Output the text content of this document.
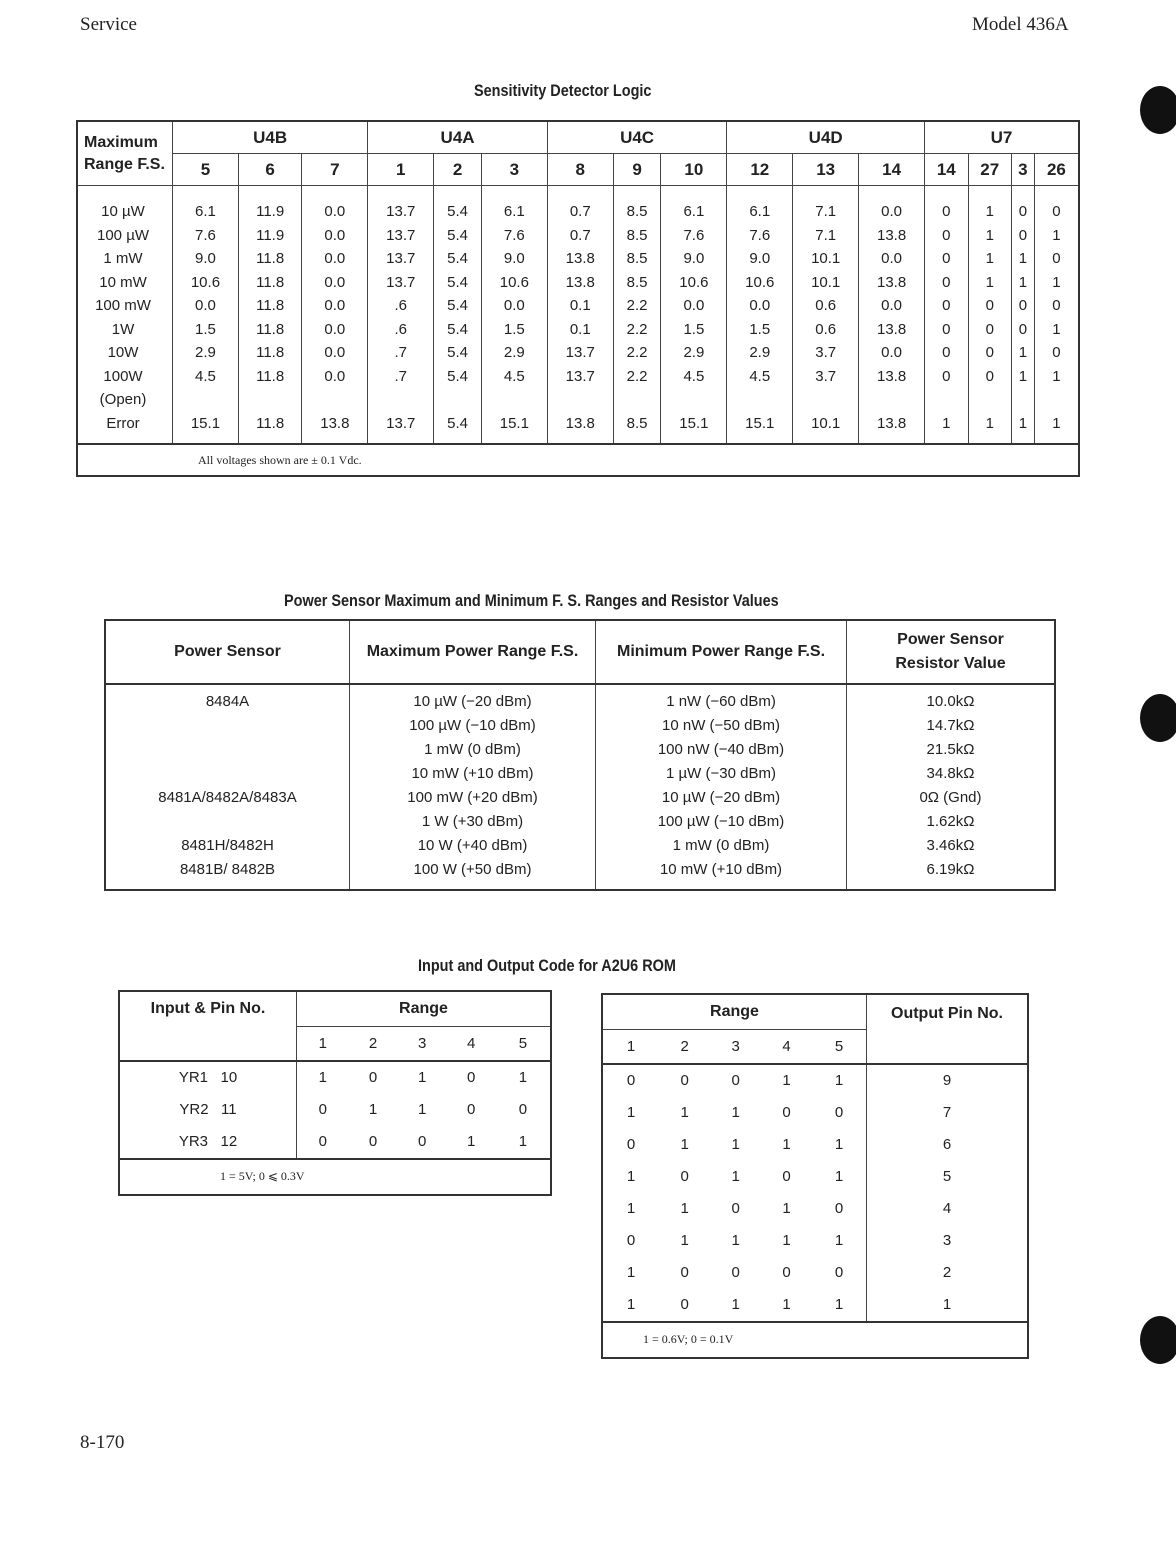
Service	Model 436A
Sensitivity Detector Logic
Maximum
Range F.S.	U4B			U4A			U4C			U4D			U7			
	5	6	7	1	2	3	8	9	10	12	13	14	14	27	3	26
10 µW	6.1	11.9	0.0	13.7	5.4	6.1	0.7	8.5	6.1	6.1	7.1	0.0	0	1	0	0
100 µW	7.6	11.9	0.0	13.7	5.4	7.6	0.7	8.5	7.6	7.6	7.1	13.8	0	1	0	1
1 mW	9.0	11.8	0.0	13.7	5.4	9.0	13.8	8.5	9.0	9.0	10.1	0.0	0	1	1	0
10 mW	10.6	11.8	0.0	13.7	5.4	10.6	13.8	8.5	10.6	10.6	10.1	13.8	0	1	1	1
100 mW	0.0	11.8	0.0	.6	5.4	0.0	0.1	2.2	0.0	0.0	0.6	0.0	0	0	0	0
1W	1.5	11.8	0.0	.6	5.4	1.5	0.1	2.2	1.5	1.5	0.6	13.8	0	0	0	1
10W	2.9	11.8	0.0	.7	5.4	2.9	13.7	2.2	2.9	2.9	3.7	0.0	0	0	1	0
100W	4.5	11.8	0.0	.7	5.4	4.5	13.7	2.2	4.5	4.5	3.7	13.8	0	0	1	1
(Open)																
Error	15.1	11.8	13.8	13.7	5.4	15.1	13.8	8.5	15.1	15.1	10.1	13.8	1	1	1	1
All voltages shown are ± 0.1 Vdc.																
Power Sensor Maximum and Minimum F. S. Ranges and Resistor Values
Power Sensor	Maximum Power Range F.S.	Minimum Power Range F.S.	Power Sensor
Resistor Value
8484A	10 µW (−20 dBm)	1 nW (−60 dBm)	10.0kΩ
	100 µW (−10 dBm)	10 nW (−50 dBm)	14.7kΩ
	1 mW (0 dBm)	100 nW (−40 dBm)	21.5kΩ
	10 mW (+10 dBm)	1 µW (−30 dBm)	34.8kΩ
8481A/8482A/8483A	100 mW (+20 dBm)	10 µW (−20 dBm)	0Ω (Gnd)
	1 W (+30 dBm)	100 µW (−10 dBm)	1.62kΩ
8481H/8482H	10 W (+40 dBm)	1 mW (0 dBm)	3.46kΩ
8481B/ 8482B	100 W (+50 dBm)	10 mW (+10 dBm)	6.19kΩ
Input and Output Code for A2U6 ROM
Input & Pin No.	Range				
	1	2	3	4	5
YR1   10	1	0	1	0	1
YR2   11	0	1	1	0	0
YR3   12	0	0	0	1	1
1 = 5V; 0 ⩽ 0.3V					
Range					Output Pin No.
1	2	3	4	5	
0	0	0	1	1	9
1	1	1	0	0	7
0	1	1	1	1	6
1	0	1	0	1	5
1	1	0	1	0	4
0	1	1	1	1	3
1	0	0	0	0	2
1	0	1	1	1	1
1 = 0.6V; 0 = 0.1V					
8-170
